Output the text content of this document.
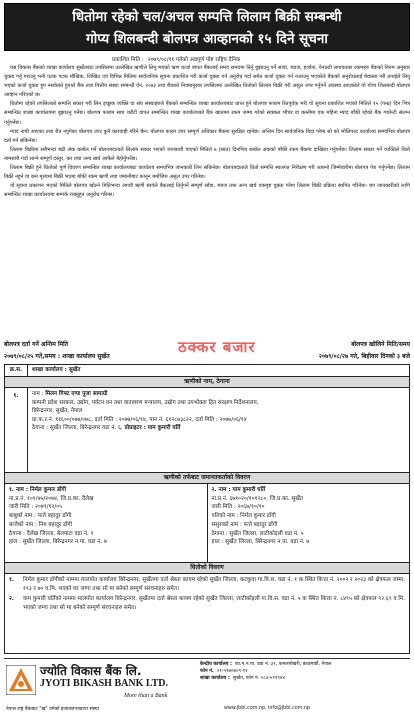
धितोमा रहेको चल/अचल सम्पत्ति लिलाम बिक्री सम्बन्धी
गोप्य शिलबन्दी बोलपत्र आव्हानको १५ दिने सूचना
प्रकाशित मिति : २०७९/०८/११ गतेको अन्नपूर्ण पोष्ट राष्ट्रिय दैनिक

यस विकास बैंकको शाखा कार्यालय सुर्खेतबाट तपसिलमा उल्लेखित ऋणीले लिनु भएको ऋण कर्जा बापत बैंकलाई समय समयमा तिर्नु बुझाउनु पर्ने सावा, ब्याज, हर्जाना, पेनाल्टी लगायतका रकमहरु बैंकको नियम अनुसार चुक्ता गर्नु गराउनु भनी पटक पटक मौखिक, लिखित एवं विभिन्न मितिमा सार्वजनिक सूचना प्रकाशित गरी कर्जा चुक्ता गर्न अनुरोध गर्दा समेत कर्जा चुक्ता गर्न नआउनु भएकोले बैंकको अनुरोधलाई बेवास्ता गरी तपाईले लिनु भएको कर्जा चुक्ता हुन नसकेको हुनाले बैंक तथा वित्तीय संस्था सम्बन्धी ऐन, २०७३ तथा बैंकको नियमानुसार तपसिलमा उल्लेखित धितोको लिलाम बिक्री गरी असुल उपर गर्नुपर्ने अवस्था आएकोले यो गोप्य शिलबन्दी बोलपत्र आव्हान गरिएको छ।

धितोमा रहेको तपसिलको सम्पत्ति सकार गरी लिन इच्छुक व्यक्ति वा संघ संस्थाहरुले बैंकको सम्बन्धित शाखा कार्यालयबाट प्राप्त हुने बोलपत्र फाराम रितपूर्वक भरी यो सूचना प्रकाशित भएको मितिले १५ (पन्ध्र) दिन भित्र सम्बन्धित शाखा कार्यालयमा बुझाउनु पर्नेछ। बोलपत्र फाराम साथ धरौटी वापत सम्बन्धित शाखा कार्यालयको बैंक खातामा रकम जम्मा गरेको सक्कल भौचर वा कम्तीमा एक महिना म्याद बाँकी रहेको बैंक ग्यारेन्टी संलग्न गर्नुपर्नेछ।

म्याद नाघी आएका तथा रीत नपुगेका बोलपत्र उपर कुनै कारवाही गरिने छैन। बोलपत्र फारम उपर सम्पूर्ण अधिकार बैंकमा सुरक्षित रहनेछ। अन्तिम दिन सार्वजनिक बिदा परेमा सो को भोलिपल्ट कार्यालय समयभित्र बोलपत्र दर्ता गर्न सकिनेछ।

लिलाम बिक्रीमा सबैभन्दा बढी अंक कबोल गर्ने बोलपत्रदाताले लिलाम सकार भएको जानकारी पाएको मितिले ७ (सात) दिनभित्र कबोल अंकको बाँकी रकम बैंकमा दाखिला गर्नुपर्नेछ। लिलाम सकार गर्ने व्यक्तिले धितो नामसारी गर्दा लाग्ने सम्पूर्ण दस्तुर, कर तथा अन्य खर्च आफैले बेहोर्नुपर्नेछ।

लिलाम बिक्री हुने धितोको पूर्ण विवरण सम्बन्धित शाखा कार्यालयबाट कार्यालय समयभित्र जानकारी लिन सकिनेछ। बोलपत्रदाताले धितो सम्पत्ति स्थलगत निरीक्षण गरी आफ्नो जिम्मेवारीमा बोलपत्र पेश गर्नुपर्नेछ। लिलाम बिक्री नहुने वा कम मूल्यमा बिक्री भएमा बाँकी रकम ऋणी तथा जमानीबाट कानून बमोजिम असुल उपर गरिनेछ।

यो सूचना प्रकाशन भएको मितिले बोलपत्र खोल्ने मितिभन्दा अगावै ऋणी स्वयंले बैंकलाई तिर्नुपर्ने सम्पूर्ण साँवा, ब्याज तथा अन्य खर्च एकमुष्ट चुक्ता गरेमा लिलाम बिक्री प्रक्रिया स्थगित गरिनेछ। थप जानकारीको लागि सम्बन्धित शाखा कार्यालयमा सम्पर्क राख्नुहुन अनुरोध गरिन्छ।

बोलपत्र दर्ता गर्ने अन्तिम मिति	बोलपत्र खोलिने मिति/समय
२०७९/०८/२५ गते,समय : शाखा कार्यालय सुर्खेत	२०७९/०८/२७ गते, बिहीवार दिनको ३ बजे
ठक्कर बजार
क्र.स.	शाखा कार्यालय : सुर्खेत
ऋणीको नाम, ठेगाना
१.	नाम : मिलन गिफ्ट एण्ड पूजा सामाग्री
कम्पनी प्रदेश सरकार, उद्योग, पर्यटन वन तथा वातावरण मन्त्रालय, उद्योग तथा उपभोक्ता हित संरक्षण निर्देशनालय,
बिरेन्द्रनगर, सुर्खेत, नेपाल
प्रा.फ.र.नं. ११६००/०७७/०७८, दर्ता मिति : २०७७/०६/१४, पान नं. ६१२८७३८२२, दर्ता मिति : २०७७/०६/१४
ठेगाना : सुर्खेत जिल्ला, बिरेन्द्रनगर वडा नं. ६, प्रोप्राइटर : याम कुमारी घर्ति
ऋणीको तर्फबाट जमानतकर्ताको विवरण
१. नाम : निर्मल कुमार डाँगी
ना.प्र.नं. १०१/७५/२०७४, जि.प्र.का. दैलेख
जारी मिति : २०७९/१२/०५
बाबुको नाम : फत्ते बहादुर डाँगी
बाजेको नाम : निम बहादुर डाँगी
ठेगाना : दैलेख जिल्ला, बेलपाटा वडा नं. ९
हाल : सुर्खेत जिल्ला, बिरेन्द्रनगर न.पा. वडा नं. ७
२. नाम : याम कुमारी घर्ति
ना.प्र.नं. ६७१०२०/१०१२८०, जि.प्र.का. सुर्खेत
जारी मिति : २०६७/१०/१०
पतिको नाम : निर्मल कुमार डाँगी
ससुराको नाम : फत्ते बहादुर डाँगी
ठेगाना : सुर्खेत जिल्ला, लाटीकोइली वडा नं. ५
हाल : सुर्खेत जिल्ला, बिरेन्द्रनगर न.पा. वडा नं. ७
धितोको विवरण
१.	निर्मल कुमार डाँगीको नाममा मालपोत कार्यालय बिरेन्द्रनगर, सुर्खेतमा दर्ता श्रेस्ता कायम रहेको सुर्खेत जिल्ला, कटकुवा गा.वि.स. वडा नं. १ क स्थित कित्ता नं. २००२ र २०२३ को क्षेत्रफल जम्मा: १९३ र ७० व.मि. भएको घर जग्गा तथा सो मा बनेको सम्पूर्ण संरचनाहरु समेत।
२.	याम कुमारी घर्तिको नाममा मालपोत कार्यालय बिरेन्द्रनगर, सुर्खेतमा दर्ता श्रेस्ता कायम रहेको सुर्खेत जिल्ला, लाटीकोइली गा.वि.स. वडा नं. ५ क स्थित कित्ता नं. ८४९५ को क्षेत्रफल ९२.६९ व.मि. भएको जग्गा तथा सो मा बनेको सम्पूर्ण संरचनाहरु समेत।
ज्योति विकास बैंक लि.
JYOTI BIKASH BANK LTD.
More than a Bank
नेपाल राष्ट्र बैंकबाट "ख" वर्गको इजाजतपत्रप्राप्त संस्था
केन्द्रीय कार्यालय : का.म.न.पा. वडा नं. ३१, कमलपोखरी, काठमाडौं, नेपाल
फोन नं. ०१-५९७०७०९-११
शाखा कार्यालय : सुर्खेत, फोन नं. ०८३-५२१९४४
www.jbbl.com.np, info@jbbl.com.np
